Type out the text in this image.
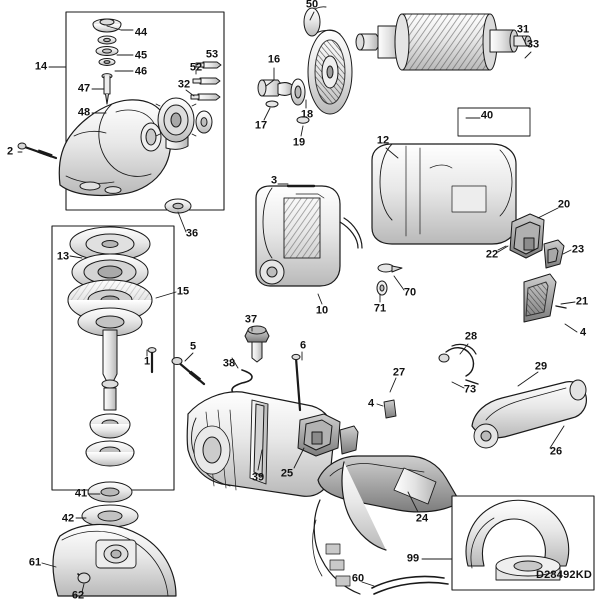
44
45
46
47
48
14
2
53
52
32
16
17
18
19
50
31
33
40
12
20
22	23
21
4
3
10
70
71
36
13
15
1
5
38
37
39
6
25
27
4
28
73
29
26
24
41
42
61
62
99
60	D28492KD
